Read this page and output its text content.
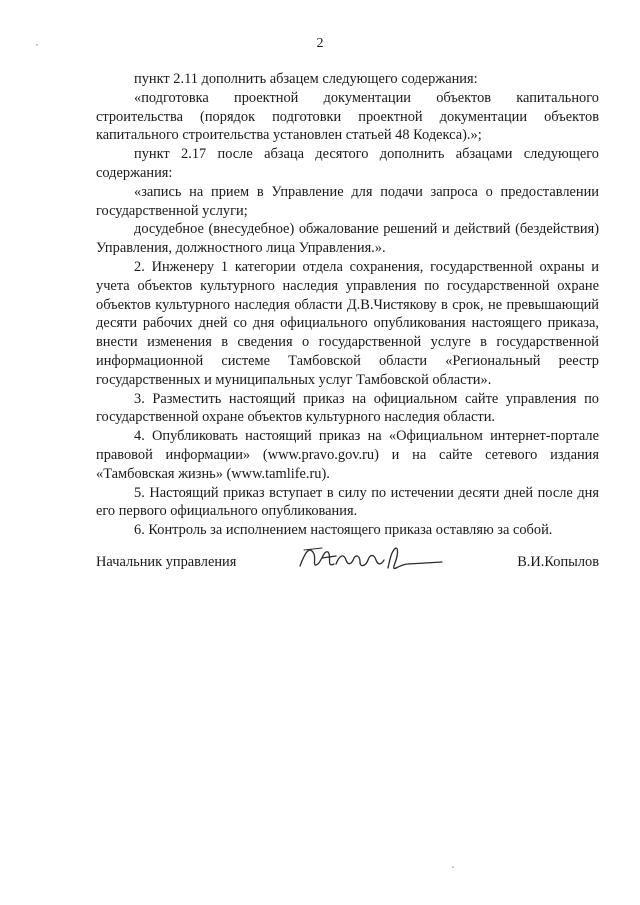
2

пункт 2.11 дополнить абзацем следующего содержания:

«подготовка проектной документации объектов капитального строительства (порядок подготовки проектной документации объектов капитального строительства установлен статьей 48 Кодекса).»;

пункт 2.17 после абзаца десятого дополнить абзацами следующего содержания:

«запись на прием в Управление для подачи запроса о предоставлении государственной услуги;

досудебное (внесудебное) обжалование решений и действий (бездействия) Управления, должностного лица Управления.».

2. Инженеру 1 категории отдела сохранения, государственной охраны и учета объектов культурного наследия управления по государственной охране объектов культурного наследия области Д.В.Чистякову в срок, не превышающий десяти рабочих дней со дня официального опубликования настоящего приказа, внести изменения в сведения о государственной услуге в государственной информационной системе Тамбовской области «Региональный реестр государственных и муниципальных услуг Тамбовской области».

3. Разместить настоящий приказ на официальном сайте управления по государственной охране объектов культурного наследия области.

4. Опубликовать настоящий приказ на «Официальном интернет-портале правовой информации» (www.pravo.gov.ru) и на сайте сетевого издания «Тамбовская жизнь» (www.tamlife.ru).

5. Настоящий приказ вступает в силу по истечении десяти дней после дня его первого официального опубликования.

6. Контроль за исполнением настоящего приказа оставляю за собой.

Начальник управления	В.И.Копылов
